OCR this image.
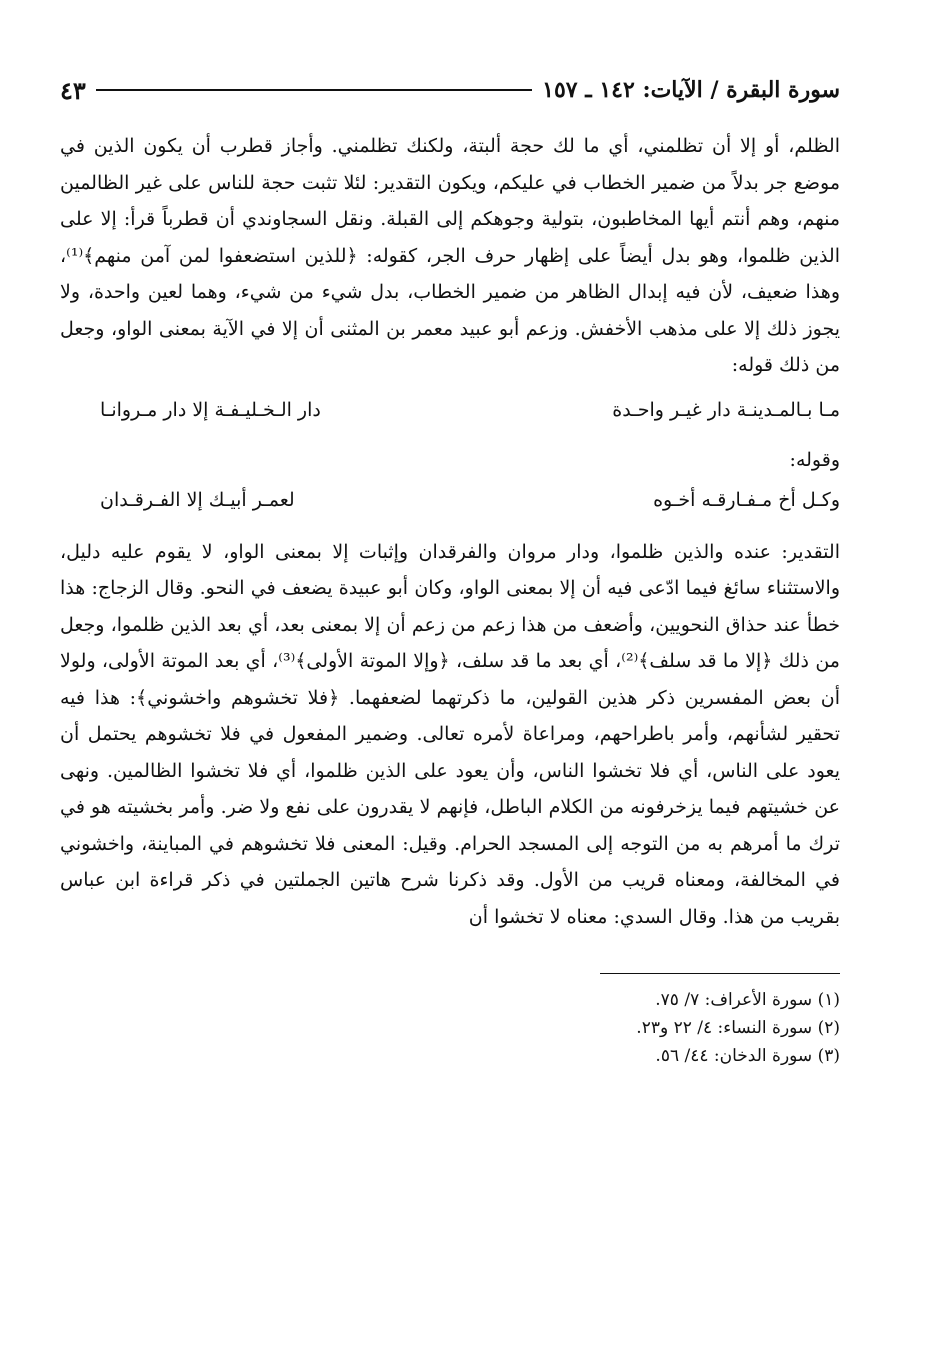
سورة البقرة / الآيات: ١٤٢ ـ ١٥٧
٤٣

الظلم، أو إلا أن تظلمني، أي ما لك حجة ألبتة، ولكنك تظلمني. وأجاز قطرب أن يكون الذين في موضع جر بدلاً من ضمير الخطاب في عليكم، ويكون التقدير: لئلا تثبت حجة للناس على غير الظالمين منهم، وهم أنتم أيها المخاطبون، بتولية وجوهكم إلى القبلة. ونقل السجاوندي أن قطرباً قرأ: إلا على الذين ظلموا، وهو بدل أيضاً على إظهار حرف الجر، كقوله: ﴿للذين استضعفوا لمن آمن منهم﴾⁽¹⁾، وهذا ضعيف، لأن فيه إبدال الظاهر من ضمير الخطاب، بدل شيء من شيء، وهما لعين واحدة، ولا يجوز ذلك إلا على مذهب الأخفش. وزعم أبو عبيد معمر بن المثنى أن إلا في الآية بمعنى الواو، وجعل من ذلك قوله:

مـا بـالمـدينـة دار غيـر واحـدة
دار الـخـليـفـة إلا دار مـروانـا
وقوله:
وكـل أخ مـفـارقـه أخـوه
لعمـر أبيـك إلا الفـرقـدان

التقدير: عنده والذين ظلموا، ودار مروان والفرقدان وإثبات إلا بمعنى الواو، لا يقوم عليه دليل، والاستثناء سائغ فيما ادّعى فيه أن إلا بمعنى الواو، وكان أبو عبيدة يضعف في النحو. وقال الزجاج: هذا خطأ عند حذاق النحويين، وأضعف من هذا زعم من زعم أن إلا بمعنى بعد، أي بعد الذين ظلموا، وجعل من ذلك ﴿إلا ما قد سلف﴾⁽²⁾، أي بعد ما قد سلف، ﴿وإلا الموتة الأولى﴾⁽³⁾، أي بعد الموتة الأولى، ولولا أن بعض المفسرين ذكر هذين القولين، ما ذكرتهما لضعفهما. ﴿فلا تخشوهم واخشوني﴾: هذا فيه تحقير لشأنهم، وأمر باطراحهم، ومراعاة لأمره تعالى. وضمير المفعول في فلا تخشوهم يحتمل أن يعود على الناس، أي فلا تخشوا الناس، وأن يعود على الذين ظلموا، أي فلا تخشوا الظالمين. ونهى عن خشيتهم فيما يزخرفونه من الكلام الباطل، فإنهم لا يقدرون على نفع ولا ضر. وأمر بخشيته هو في ترك ما أمرهم به من التوجه إلى المسجد الحرام. وقيل: المعنى فلا تخشوهم في المباينة، واخشوني في المخالفة، ومعناه قريب من الأول. وقد ذكرنا شرح هاتين الجملتين في ذكر قراءة ابن عباس بقريب من هذا. وقال السدي: معناه لا تخشوا أن

(١) سورة الأعراف: ٧/ ٧٥.
(٢) سورة النساء: ٤/ ٢٢ و٢٣.
(٣) سورة الدخان: ٤٤/ ٥٦.
